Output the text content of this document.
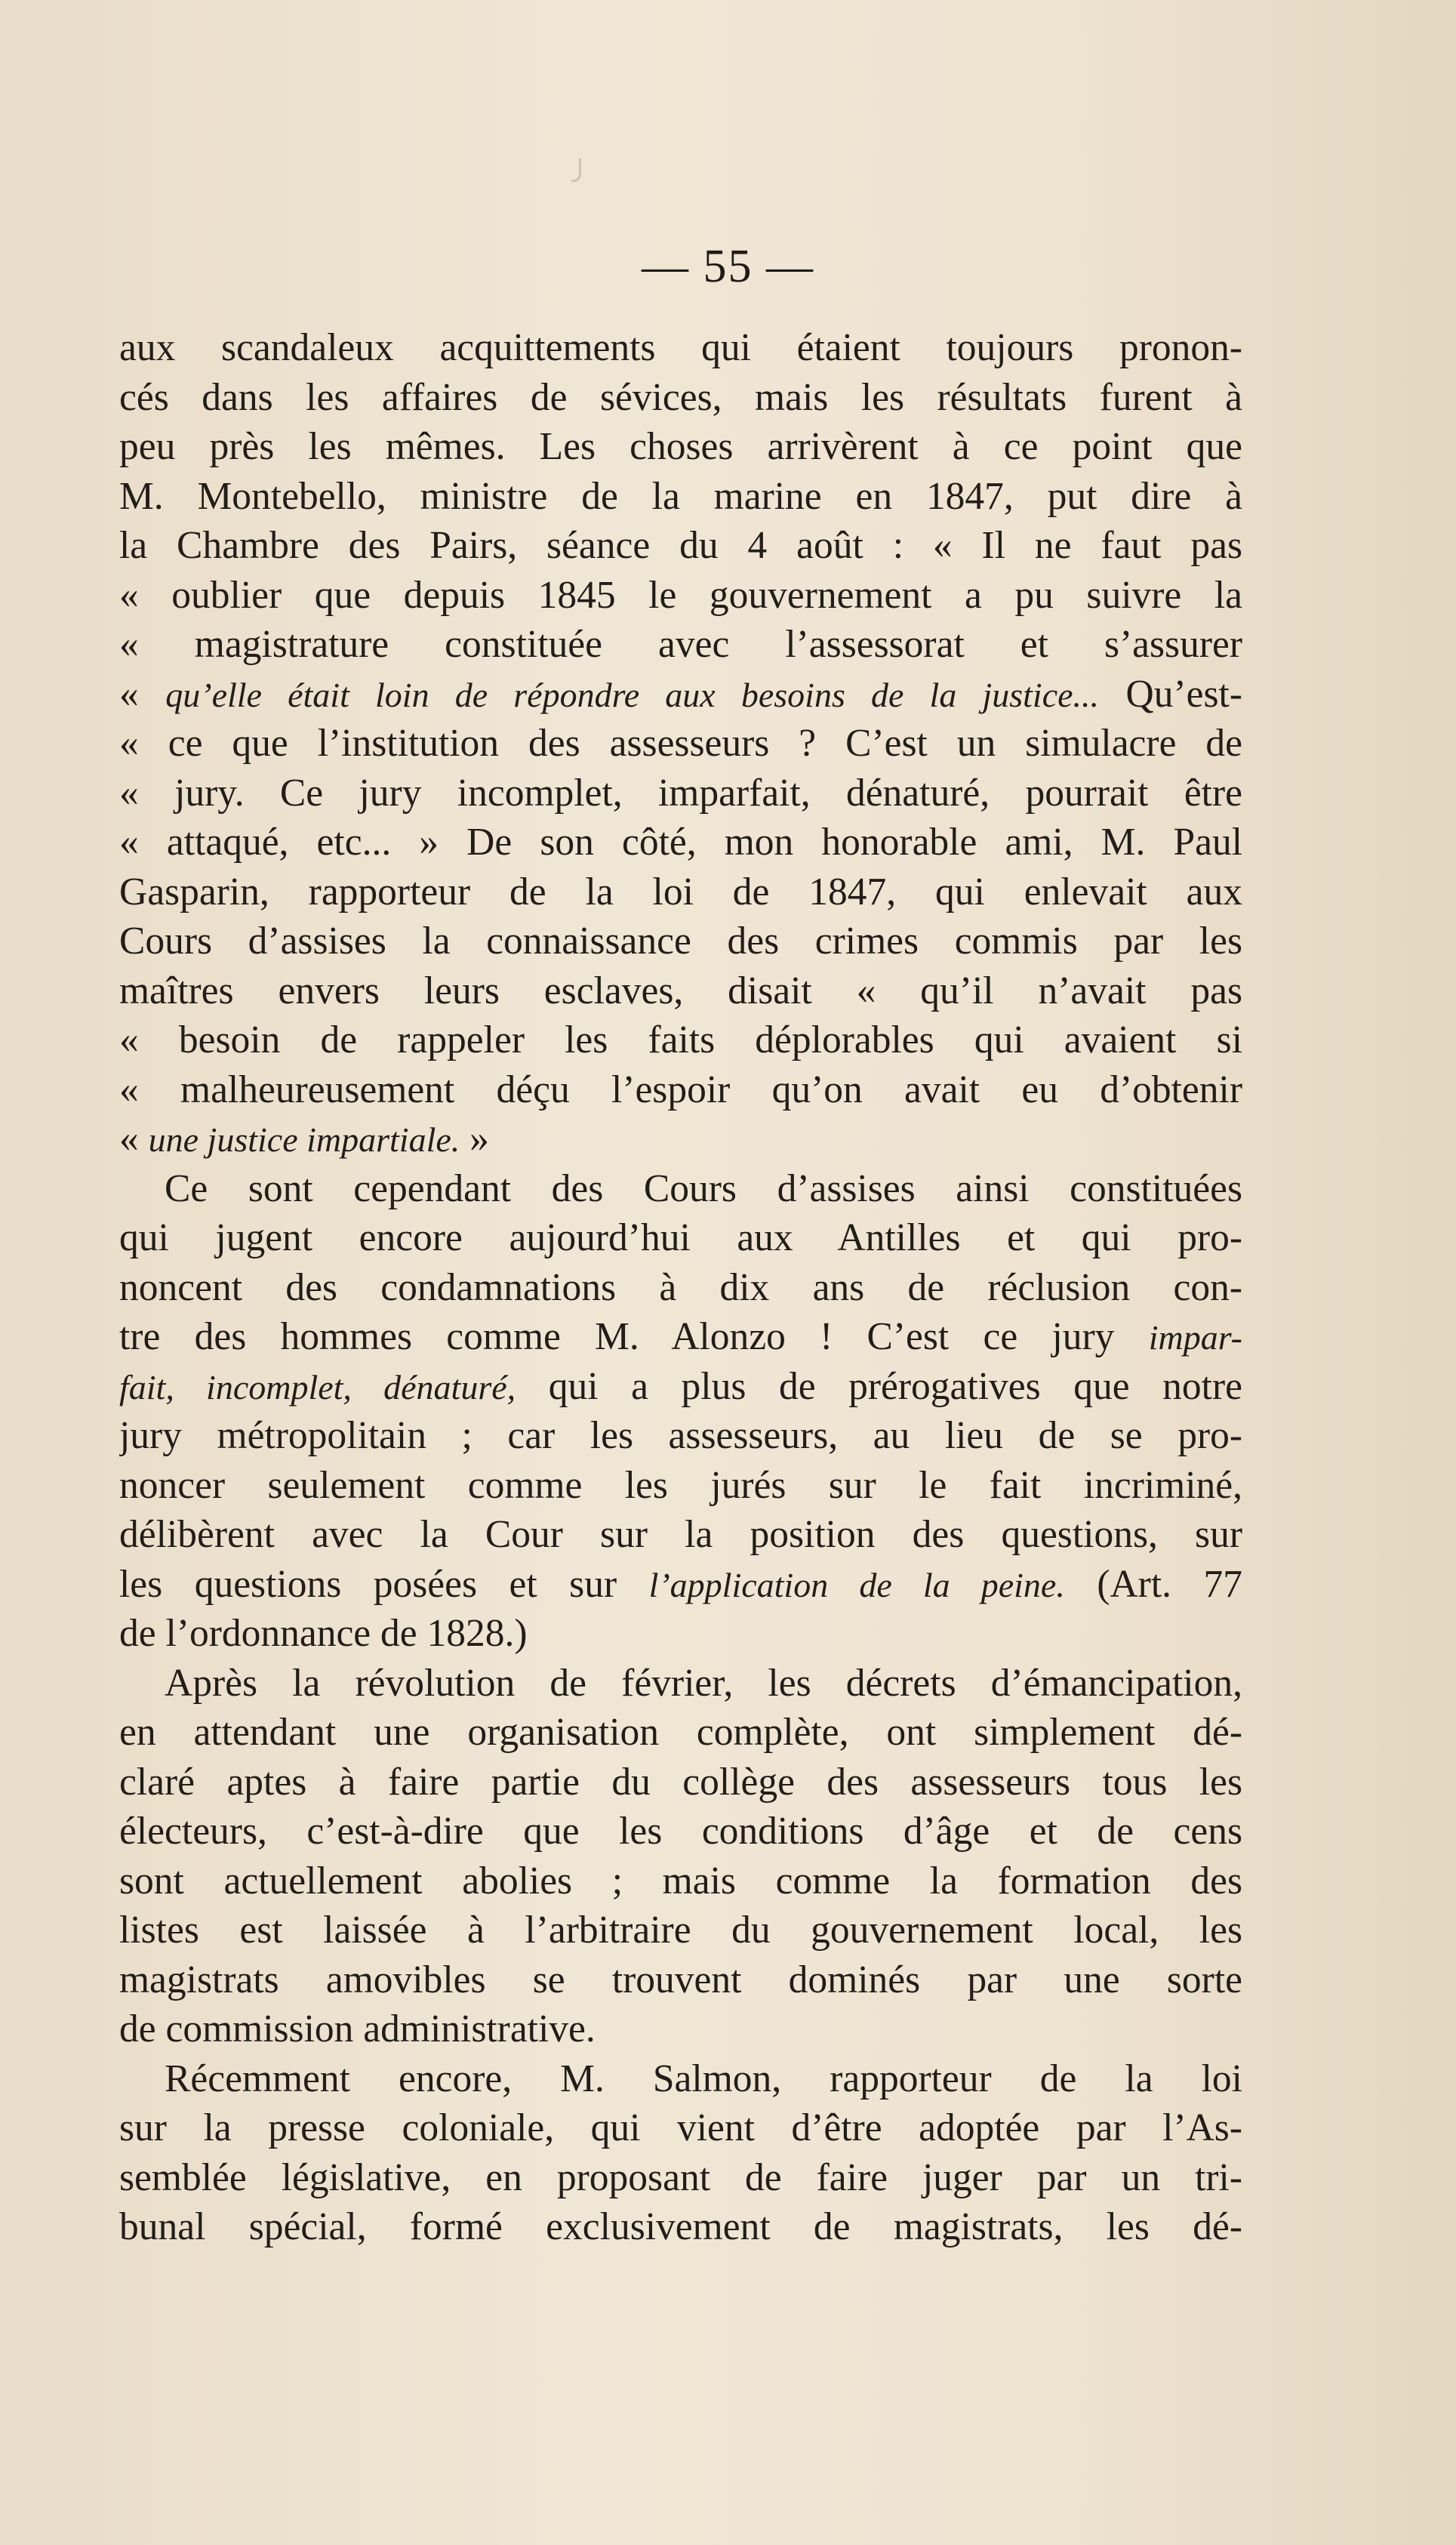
— 55 —
aux scandaleux acquittements qui étaient toujours pronon-
cés dans les affaires de sévices, mais les résultats furent à
peu près les mêmes. Les choses arrivèrent à ce point que
M. Montebello, ministre de la marine en 1847, put dire à
la Chambre des Pairs, séance du 4 août : « Il ne faut pas
« oublier que depuis 1845 le gouvernement a pu suivre la
« magistrature constituée avec l’assessorat et s’assurer
« qu’elle était loin de répondre aux besoins de la justice... Qu’est-
« ce que l’institution des assesseurs ? C’est un simulacre de
« jury. Ce jury incomplet, imparfait, dénaturé, pourrait être
« attaqué, etc... » De son côté, mon honorable ami, M. Paul
Gasparin, rapporteur de la loi de 1847, qui enlevait aux
Cours d’assises la connaissance des crimes commis par les
maîtres envers leurs esclaves, disait « qu’il n’avait pas
« besoin de rappeler les faits déplorables qui avaient si
« malheureusement déçu l’espoir qu’on avait eu d’obtenir
« une justice impartiale. »
Ce sont cependant des Cours d’assises ainsi constituées
qui jugent encore aujourd’hui aux Antilles et qui pro-
noncent des condamnations à dix ans de réclusion con-
tre des hommes comme M. Alonzo ! C’est ce jury impar-
fait, incomplet, dénaturé, qui a plus de prérogatives que notre
jury métropolitain ; car les assesseurs, au lieu de se pro-
noncer seulement comme les jurés sur le fait incriminé,
délibèrent avec la Cour sur la position des questions, sur
les questions posées et sur l’application de la peine. (Art. 77
de l’ordonnance de 1828.)
Après la révolution de février, les décrets d’émancipation,
en attendant une organisation complète, ont simplement dé-
claré aptes à faire partie du collège des assesseurs tous les
électeurs, c’est-à-dire que les conditions d’âge et de cens
sont actuellement abolies ; mais comme la formation des
listes est laissée à l’arbitraire du gouvernement local, les
magistrats amovibles se trouvent dominés par une sorte
de commission administrative.
Récemment encore, M. Salmon, rapporteur de la loi
sur la presse coloniale, qui vient d’être adoptée par l’As-
semblée législative, en proposant de faire juger par un tri-
bunal spécial, formé exclusivement de magistrats, les dé-
